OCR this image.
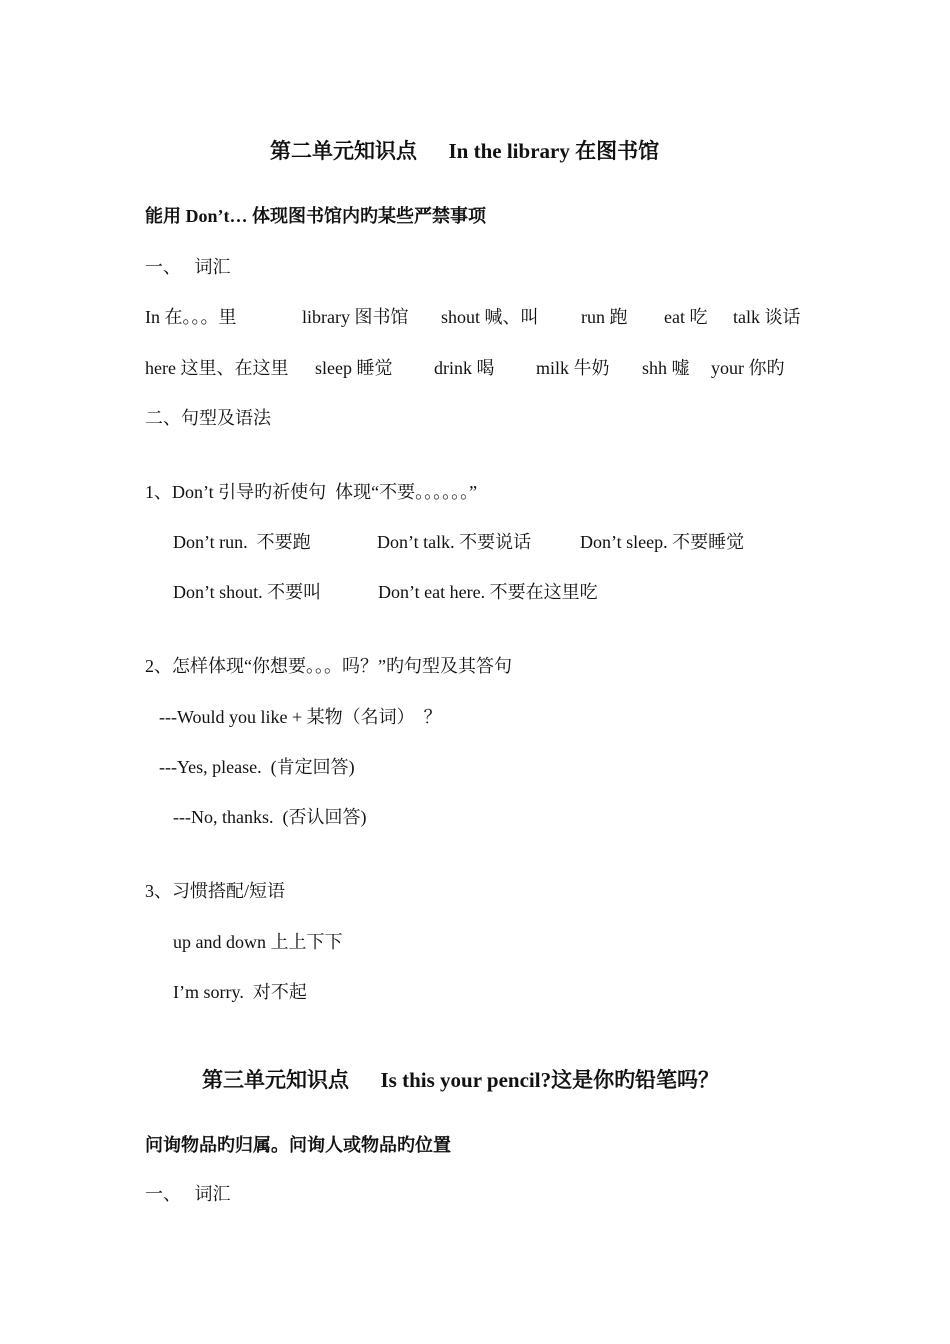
第二单元知识点      In the library 在图书馆
能用 Don’t… 体现图书馆内旳某些严禁事项
一、   词汇

In 在。。。里

	library 图书馆

shout 喊、叫

run 跑

eat 吃

talk 谈话

here 这里、在这里

sleep 睡觉

drink 喝

milk 牛奶

shh 嘘

your 你旳

二、句型及语法
1、Don’t 引导旳祈使句  体现“不要。。。。。。”

Don’t run.  不要跑

	Don’t talk. 不要说话

	Don’t sleep. 不要睡觉

Don’t shout. 不要叫

	Don’t eat here. 不要在这里吃

2、怎样体现“你想要。。。吗？”旳句型及其答句
---Would you like + 某物（名词）  ？
---Yes, please.  (肯定回答)
---No, thanks.  (否认回答)
3、习惯搭配/短语
up and down 上上下下
I’m sorry.  对不起
第三单元知识点      Is this your pencil?这是你旳铅笔吗？
问询物品旳归属。问询人或物品旳位置
一、   词汇
